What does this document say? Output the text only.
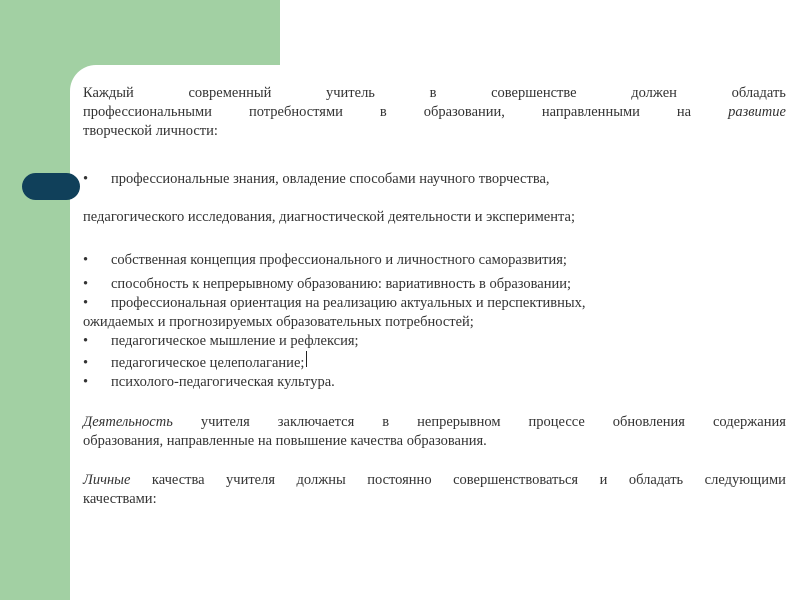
Каждый	современный	учитель	в	совершенстве	должен	обладать
профессиональными	потребностями	в	образовании,	направленными	на	развитие
творческой личности:
•	профессиональные знания, овладение способами научного творчества,
педагогического исследования, диагностической деятельности и эксперимента;
•	собственная концепция профессионального и личностного саморазвития;
•	способность к непрерывному образованию: вариативность в образовании;
•	профессиональная ориентация на реализацию актуальных и перспективных,
ожидаемых и прогнозируемых образовательных потребностей;
•	педагогическое мышление и рефлексия;
•	педагогическое целеполагание;
•	психолого-педагогическая культура.
Деятельность учителя заключается в непрерывном процессе обновления содержания
образования, направленные на повышение качества образования.
Личные качества учителя должны постоянно совершенствоваться и обладать следующими
качествами:
